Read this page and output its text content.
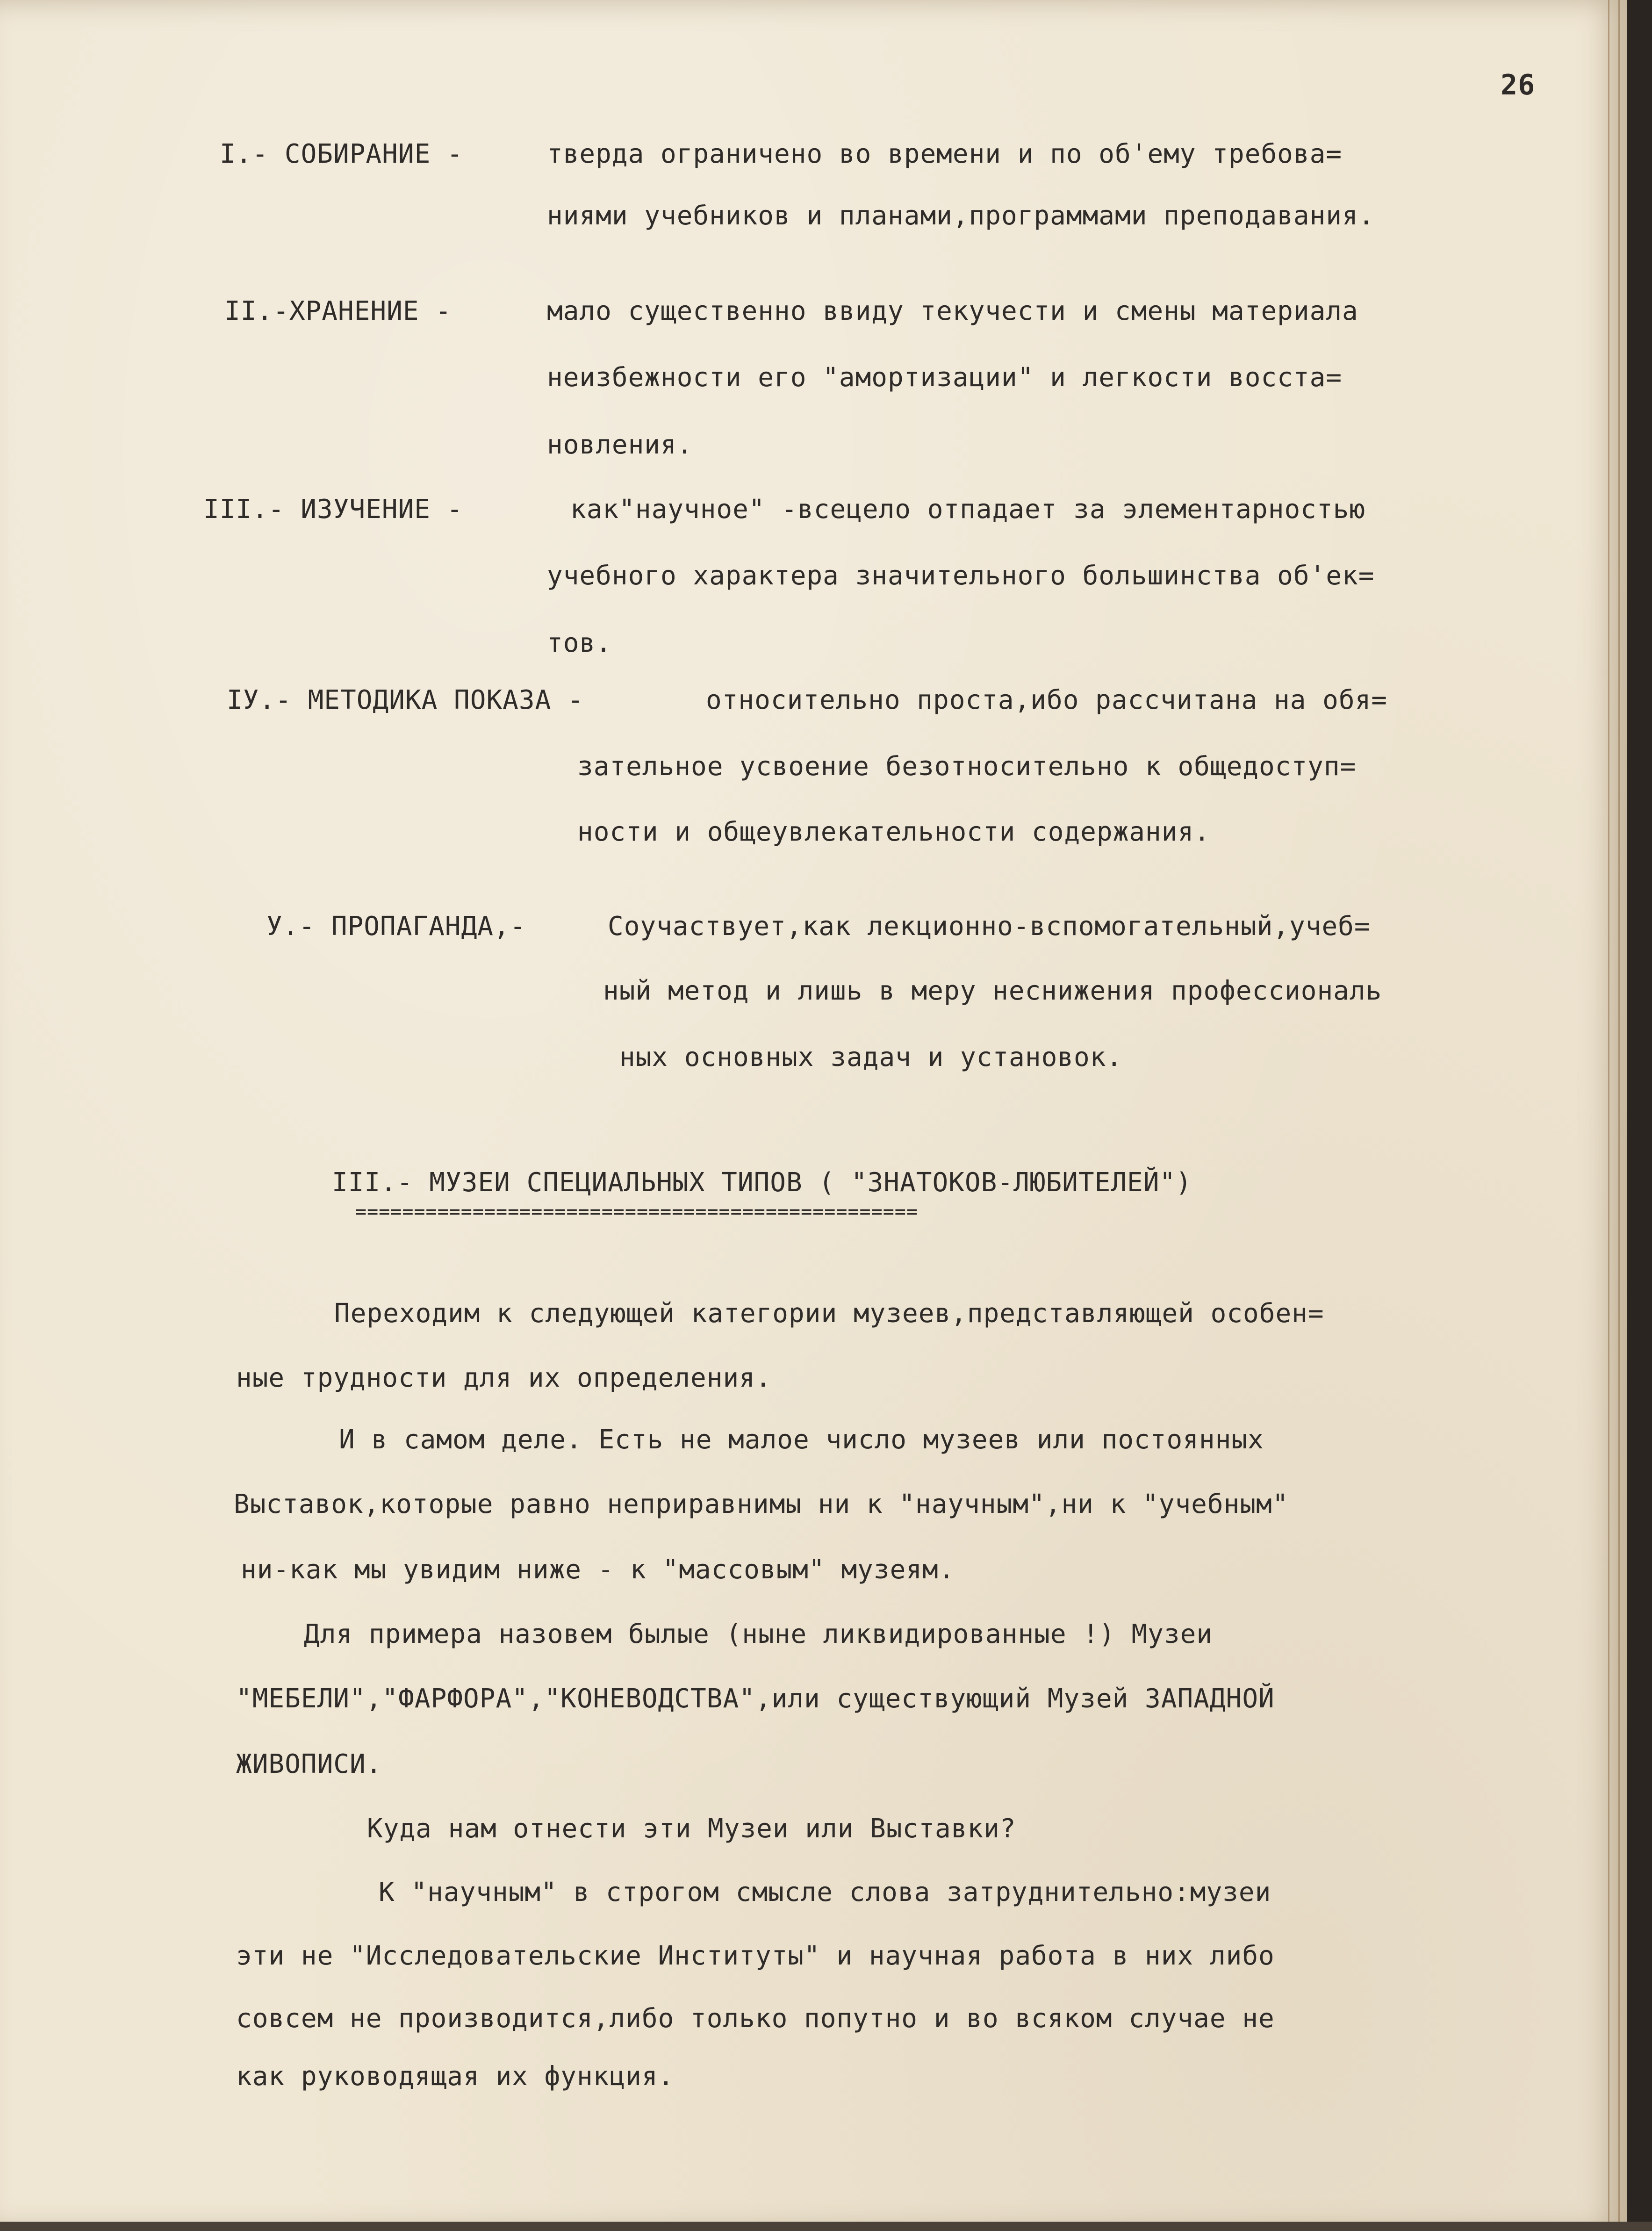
26
I.- СОБИРАНИЕ -	тверда ограничено во времени и по об'ему требова=
ниями учебников и планами,программами преподавания.
II.-ХРАНЕНИЕ -	мало существенно ввиду текучести и смены материала
неизбежности его "амортизации" и легкости восста=
новления.
III.- ИЗУЧЕНИЕ -	как"научное" -всецело отпадает за элементарностью
учебного характера значительного большинства об'ек=
тов.
IУ.- МЕТОДИКА ПОКАЗА -	относительно проста,ибо рассчитана на обя=
зательное усвоение безотносительно к общедоступ=
ности и общеувлекательности содержания.
У.- ПРОПАГАНДА,-	Соучаствует,как лекционно-вспомогательный,учеб=
ный метод и лишь в меру неснижения профессиональ
ных основных задач и установок.
III.- МУЗЕИ СПЕЦИАЛЬНЫХ ТИПОВ ( "ЗНАТОКОВ-ЛЮБИТЕЛЕЙ")
================================================
Переходим к следующей категории музеев,представляющей особен=
ные трудности для их определения.
И в самом деле. Есть не малое число музеев или постоянных
Выставок,которые равно неприравнимы ни к "научным",ни к "учебным"
ни-как мы увидим ниже - к "массовым" музеям.
Для примера назовем былые (ныне ликвидированные !) Музеи
"МЕБЕЛИ","ФАРФОРА","КОНЕВОДСТВА",или существующий Музей ЗАПАДНОЙ
ЖИВОПИСИ.
Куда нам отнести эти Музеи или Выставки?
К "научным" в строгом смысле слова затруднительно:музеи
эти не "Исследовательские Институты" и научная работа в них либо
совсем не производится,либо только попутно и во всяком случае не
как руководящая их функция.
